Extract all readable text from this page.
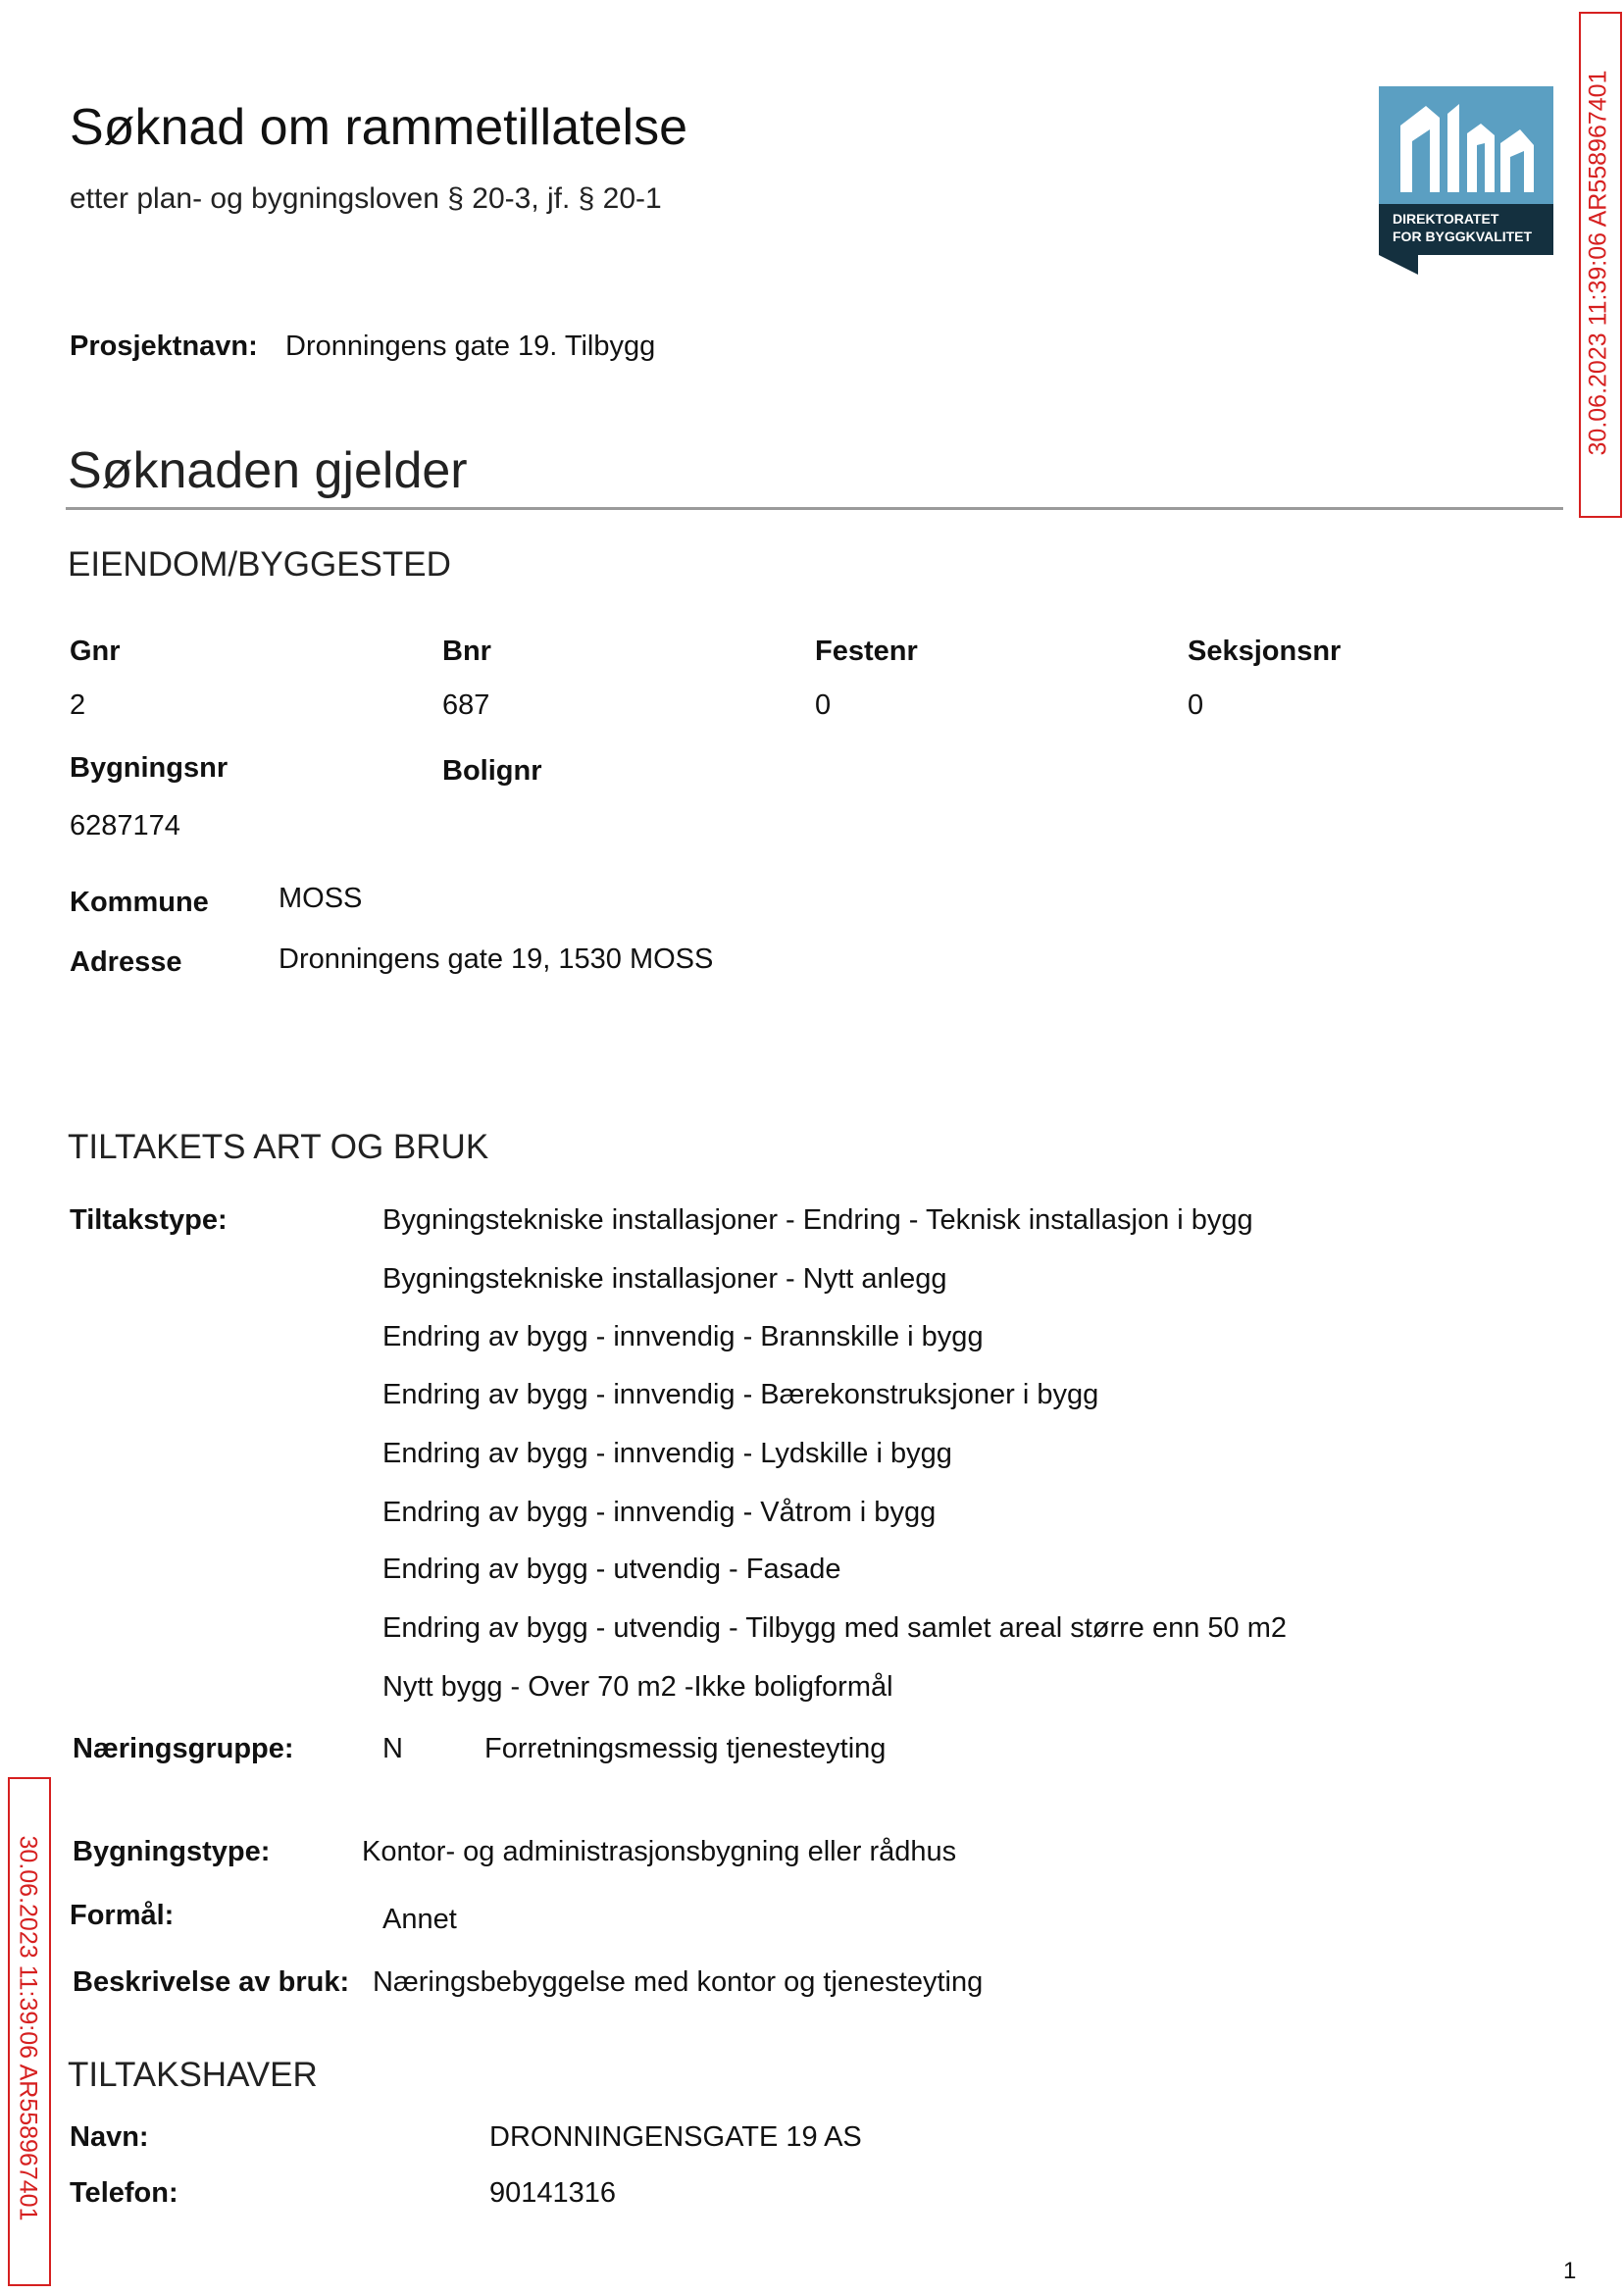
Søknad om rammetillatelse
etter plan- og bygningsloven § 20-3, jf. § 20-1
DIREKTORATET
FOR BYGGKVALITET 30.06.2023 11:39:06 AR558967401
30.06.2023 11:39:06 AR558967401
Prosjektnavn: Dronningens gate 19. Tilbygg
Søknaden gjelder
EIENDOM/BYGGESTED
Gnr	Bnr	Festenr	Seksjonsnr
2	687	0	0
Bygningsnr	Bolignr
6287174
Kommune MOSS
Adresse	Dronningens gate 19, 1530 MOSS
TILTAKETS ART OG BRUK
Tiltakstype:	Bygningstekniske installasjoner - Endring - Teknisk installasjon i bygg
Bygningstekniske installasjoner - Nytt anlegg
Endring av bygg - innvendig - Brannskille i bygg
Endring av bygg - innvendig - Bærekonstruksjoner i bygg
Endring av bygg - innvendig - Lydskille i bygg
Endring av bygg - innvendig - Våtrom i bygg
Endring av bygg - utvendig - Fasade
Endring av bygg - utvendig - Tilbygg med samlet areal større enn 50 m2
Nytt bygg - Over 70 m2 -Ikke boligformål
Næringsgruppe:	N	Forretningsmessig tjenesteyting
Bygningstype:	Kontor- og administrasjonsbygning eller rådhus
Formål:	Annet
Beskrivelse av bruk: Næringsbebyggelse med kontor og tjenesteyting
TILTAKSHAVER
Navn:	DRONNINGENSGATE 19 AS
Telefon:	90141316
1
